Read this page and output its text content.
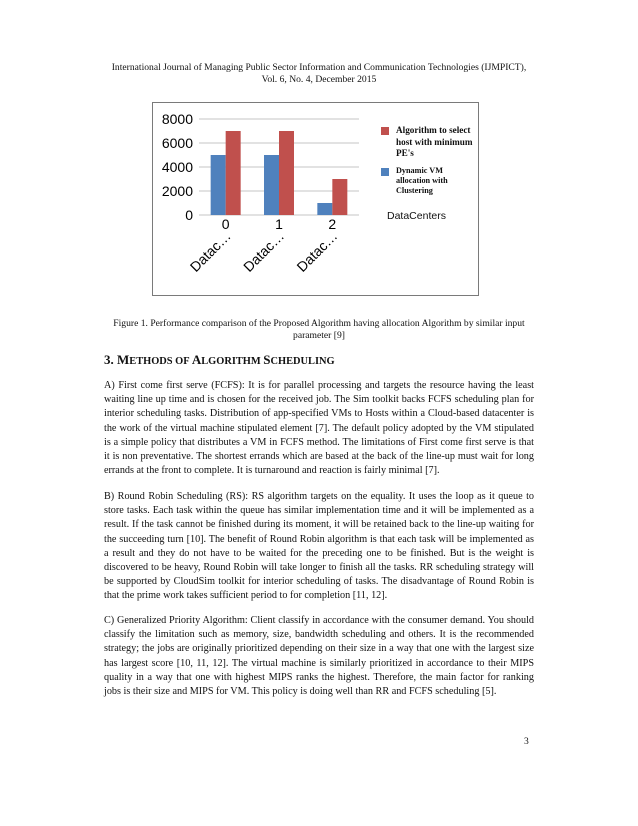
International Journal of Managing Public Sector Information and Communication Technologies (IJMPICT),
Vol. 6, No. 4, December 2015
0
2000
4000
6000
8000
0	1	2
Datac… Datac… Datac…
Algorithm to select host with minimum PE's
Dynamic VM allocation with Clustering
DataCenters
Figure 1. Performance comparison of the Proposed Algorithm having allocation Algorithm by similar input
parameter [9]
3. METHODS OF ALGORITHM SCHEDULING

A) First come first serve (FCFS): It is for parallel processing and targets the resource having the least waiting line up time and is chosen for the received job. The Sim toolkit backs FCFS scheduling plan for interior scheduling tasks. Distribution of app-specified VMs to Hosts within a Cloud-based datacenter is the work of the virtual machine stipulated element [7]. The default policy adopted by the VM stipulated is a simple policy that distributes a VM in FCFS method. The limitations of First come first serve is that it is non preventative. The shortest errands which are based at the back of the line-up must wait for long errands at the front to complete. It is turnaround and reaction is fairly minimal [7].

B) Round Robin Scheduling (RS): RS algorithm targets on the equality. It uses the loop as it queue to store tasks. Each task within the queue has similar implementation time and it will be implemented as a result. If the task cannot be finished during its moment, it will be retained back to the line-up waiting for the succeeding turn [10]. The benefit of Round Robin algorithm is that each task will be implemented as a result and they do not have to be waited for the preceding one to be finished. But is the weight is discovered to be heavy, Round Robin will take longer to finish all the tasks. RR scheduling strategy will be supported by CloudSim toolkit for interior scheduling of tasks. The disadvantage of Round Robin is that the prime work takes sufficient period to for completion [11, 12].

C) Generalized Priority Algorithm: Client classify in accordance with the consumer demand. You should classify the limitation such as memory, size, bandwidth scheduling and others. It is the recommended strategy; the jobs are originally prioritized depending on their size in a way that one with the largest size has largest score [10, 11, 12]. The virtual machine is similarly prioritized in accordance to their MIPS quality in a way that one with highest MIPS ranks the highest. Therefore, the main factor for ranking jobs is their size and MIPS for VM. This policy is doing well than RR and FCFS scheduling [5].

3
